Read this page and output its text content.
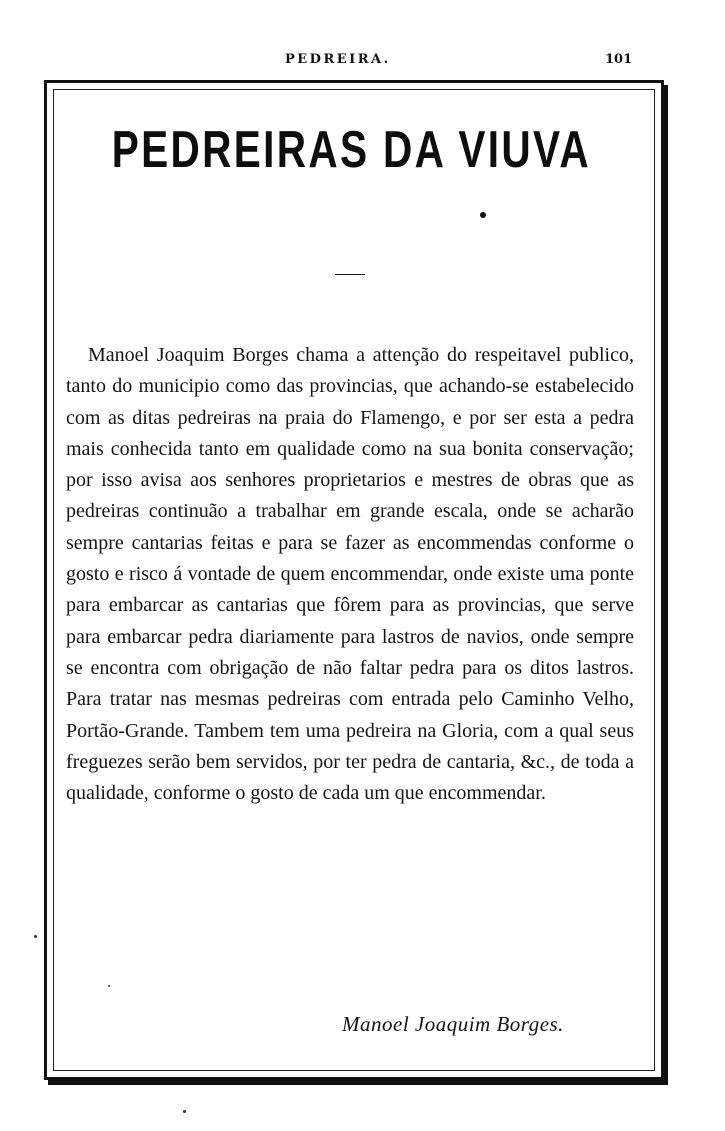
PEDREIRA.	101
PEDREIRAS DA VIUVA

Manoel Joaquim Borges chama a attenção do respeitavel publico, tanto do municipio como das provincias, que achando-se estabelecido com as ditas pedreiras na praia do Flamengo, e por ser esta a pedra mais conhecida tanto em qualidade como na sua bonita conservação; por isso avisa aos senhores proprietarios e mestres de obras que as pedreiras continuão a trabalhar em grande escala, onde se acharão sempre cantarias feitas e para se fazer as encommendas conforme o gosto e risco á vontade de quem encommendar, onde existe uma ponte para embarcar as cantarias que fôrem para as provincias, que serve para embarcar pedra diariamente para lastros de navios, onde sempre se encontra com obrigação de não faltar pedra para os ditos lastros. Para tratar nas mesmas pedreiras com entrada pelo Caminho Velho, Portão-Grande. Tambem tem uma pedreira na Gloria, com a qual seus freguezes serão bem servidos, por ter pedra de cantaria, &c., de toda a qualidade, conforme o gosto de cada um que encommendar.

Manoel Joaquim Borges.
